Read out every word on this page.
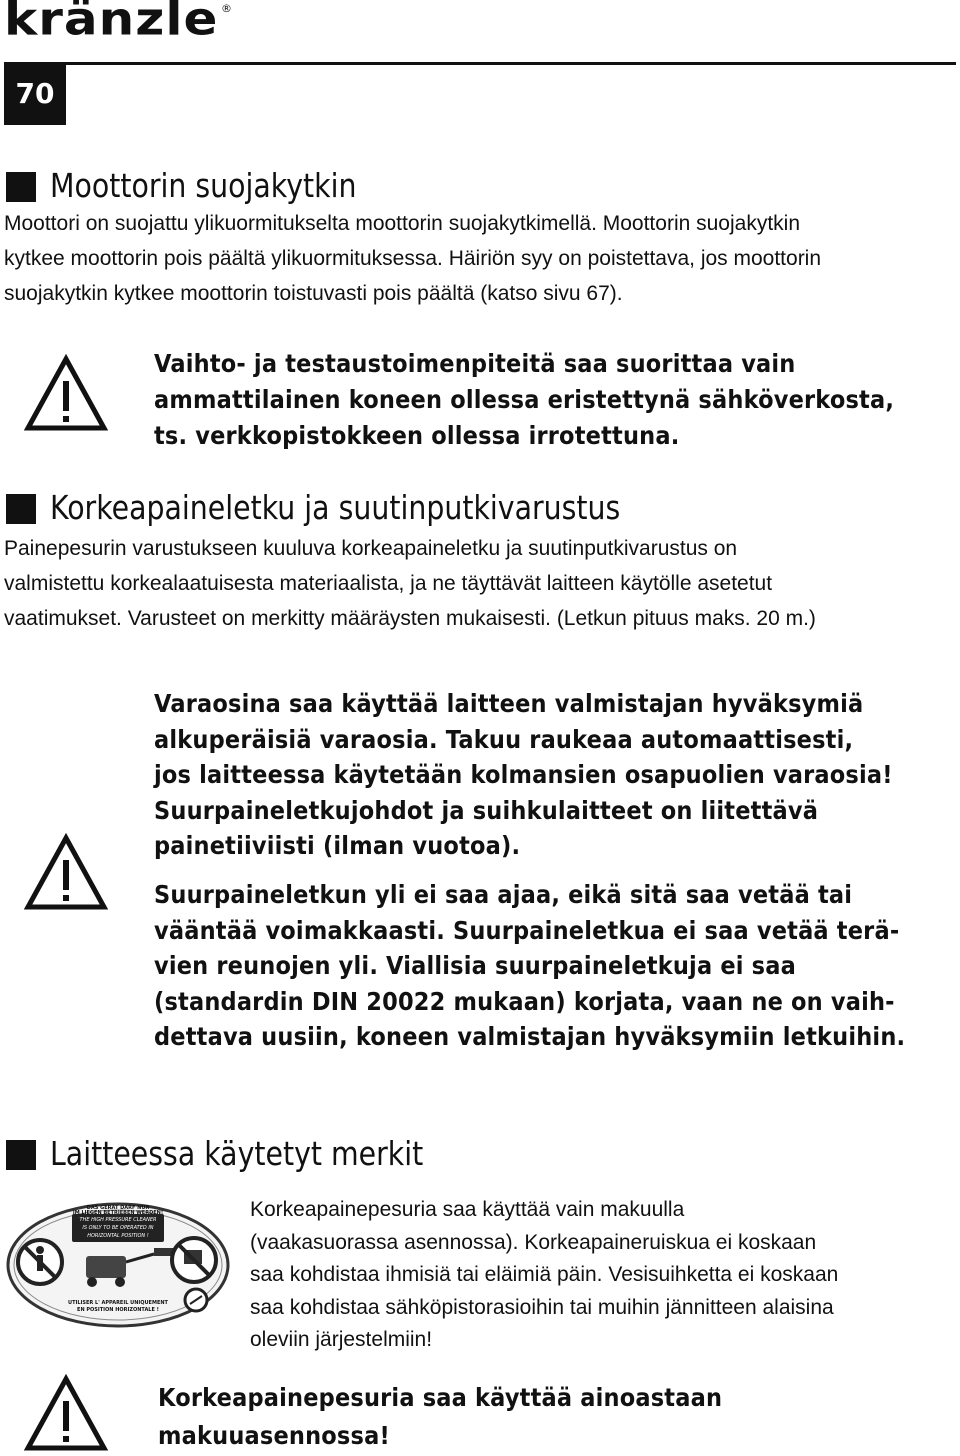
kränzle ®
70
Moottorin suojakytkin
Moottori on suojattu ylikuormitukselta moottorin suojakytkimellä. Moottorin suojakytkin
kytkee moottorin pois päältä ylikuormituksessa. Häiriön syy on poistettava, jos moottorin
suojakytkin kytkee moottorin toistuvasti pois päältä (katso sivu 67).
Vaihto- ja testaustoimenpiteitä saa suorittaa vain
ammattilainen koneen ollessa eristettynä sähköverkosta,
ts. verkkopistokkeen ollessa irrotettuna.
Korkeapaineletku ja suutinputkivarustus
Painepesurin varustukseen kuuluva korkeapaineletku ja suutinputkivarustus on
valmistettu korkealaatuisesta materiaalista, ja ne täyttävät laitteen käytölle asetetut
vaatimukset. Varusteet on merkitty määräysten mukaisesti. (Letkun pituus maks. 20 m.)
Varaosina saa käyttää laitteen valmistajan hyväksymiä
alkuperäisiä varaosia. Takuu raukeaa automaattisesti,
jos laitteessa käytetään kolmansien osapuolien varaosia!
Suurpaineletkujohdot ja suihkulaitteet on liitettävä
painetiiviisti (ilman vuotoa).
Suurpaineletkun yli ei saa ajaa, eikä sitä saa vetää tai
vääntää voimakkaasti. Suurpaineletkua ei saa vetää terä-
vien reunojen yli. Viallisia suurpaineletkuja ei saa
(standardin DIN 20022 mukaan) korjata, vaan ne on vaih-
dettava uusiin, koneen valmistajan hyväksymiin letkuihin.
Laitteessa käytetyt merkit
DAS GERÄT DARF NUR
IM LIEGEN BETRIEBEN WERDEN!
THE HIGH PRESSURE CLEANER
IS ONLY TO BE OPERATED IN
HORIZONTAL POSITION !
UTILISER L' APPAREIL UNIQUEMENT
EN POSITION HORIZONTALE !
Korkeapainepesuria saa käyttää vain makuulla
(vaakasuorassa asennossa). Korkeapaineruiskua ei koskaan
saa kohdistaa ihmisiä tai eläimiä päin. Vesisuihketta ei koskaan
saa kohdistaa sähköpistorasioihin tai muihin jännitteen alaisina
oleviin järjestelmiin!
Korkeapainepesuria saa käyttää ainoastaan
makuuasennossa!
